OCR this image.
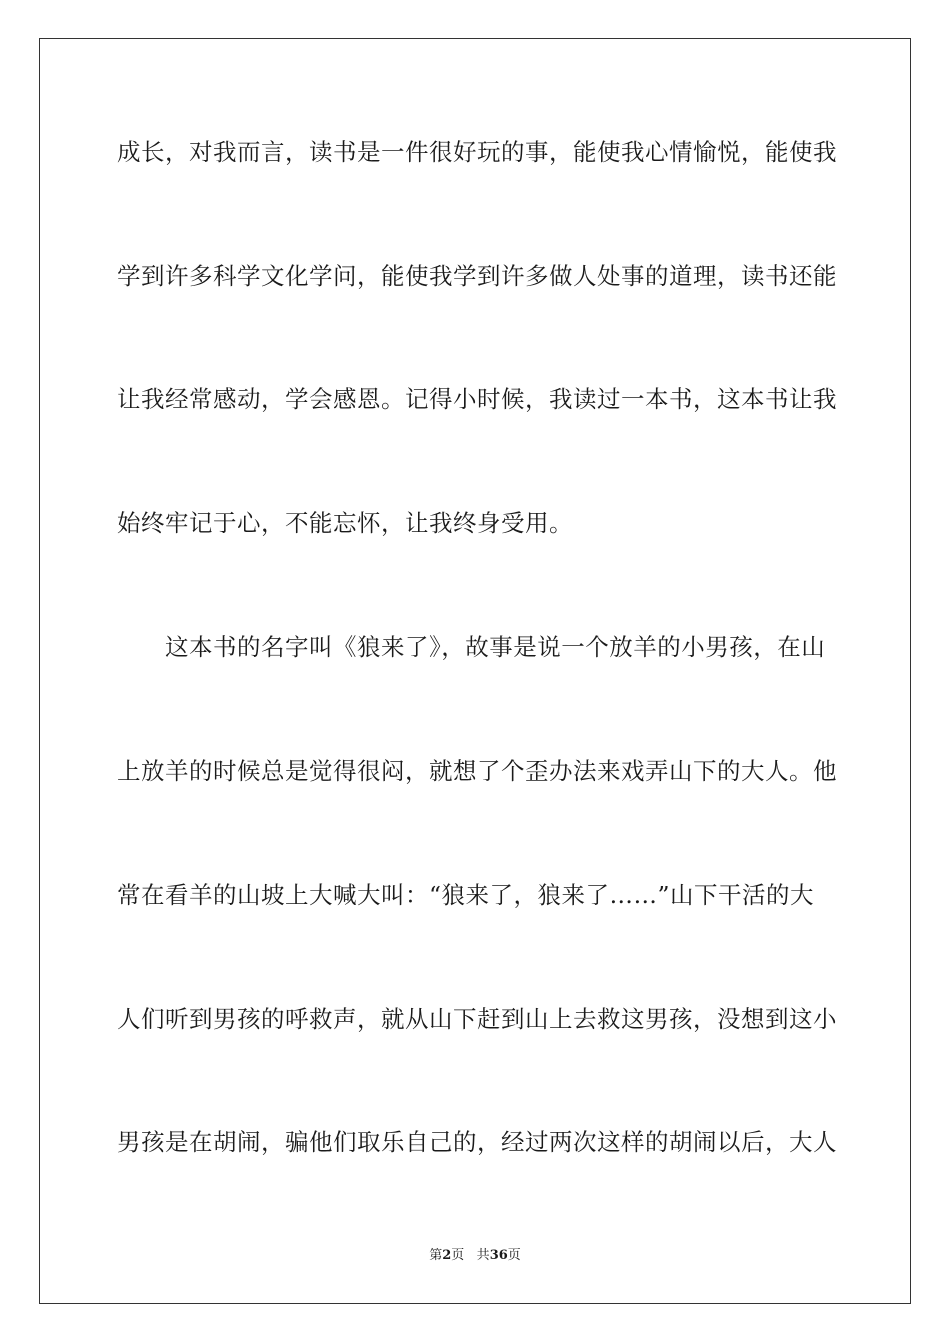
成长，对我而言，读书是一件很好玩的事，能使我心情愉悦，能使我
学到许多科学文化学问，能使我学到许多做人处事的道理，读书还能
让我经常感动，学会感恩。记得小时候，我读过一本书，这本书让我
始终牢记于心，不能忘怀，让我终身受用。
这本书的名字叫《狼来了》，故事是说一个放羊的小男孩，在山
上放羊的时候总是觉得很闷，就想了个歪办法来戏弄山下的大人。他
常在看羊的山坡上大喊大叫：“狼来了，狼来了……”山下干活的大
人们听到男孩的呼救声，就从山下赶到山上去救这男孩，没想到这小
男孩是在胡闹，骗他们取乐自己的，经过两次这样的胡闹以后，大人
第2页 共36页
